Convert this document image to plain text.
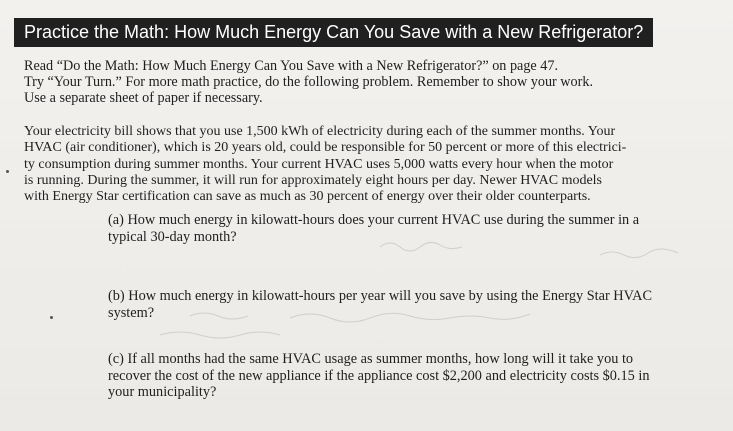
Practice the Math: How Much Energy Can You Save with a New Refrigerator?

Read “Do the Math: How Much Energy Can You Save with a New Refrigerator?” on page 47.

Try “Your Turn.” For more math practice, do the following problem. Remember to show your work.

Use a separate sheet of paper if necessary.

Your electricity bill shows that you use 1,500 kWh of electricity during each of the summer months. Your

HVAC (air conditioner), which is 20 years old, could be responsible for 50 percent or more of this electrici-

ty consumption during summer months. Your current HVAC uses 5,000 watts every hour when the motor

is running. During the summer, it will run for approximately eight hours per day. Newer HVAC models

with Energy Star certification can save as much as 30 percent of energy over their older counterparts.

(a) How much energy in kilowatt-hours does your current HVAC use during the summer in a

typical 30-day month?

(b) How much energy in kilowatt-hours per year will you save by using the Energy Star HVAC

system?

(c) If all months had the same HVAC usage as summer months, how long will it take you to

recover the cost of the new appliance if the appliance cost $2,200 and electricity costs $0.15 in

your municipality?
